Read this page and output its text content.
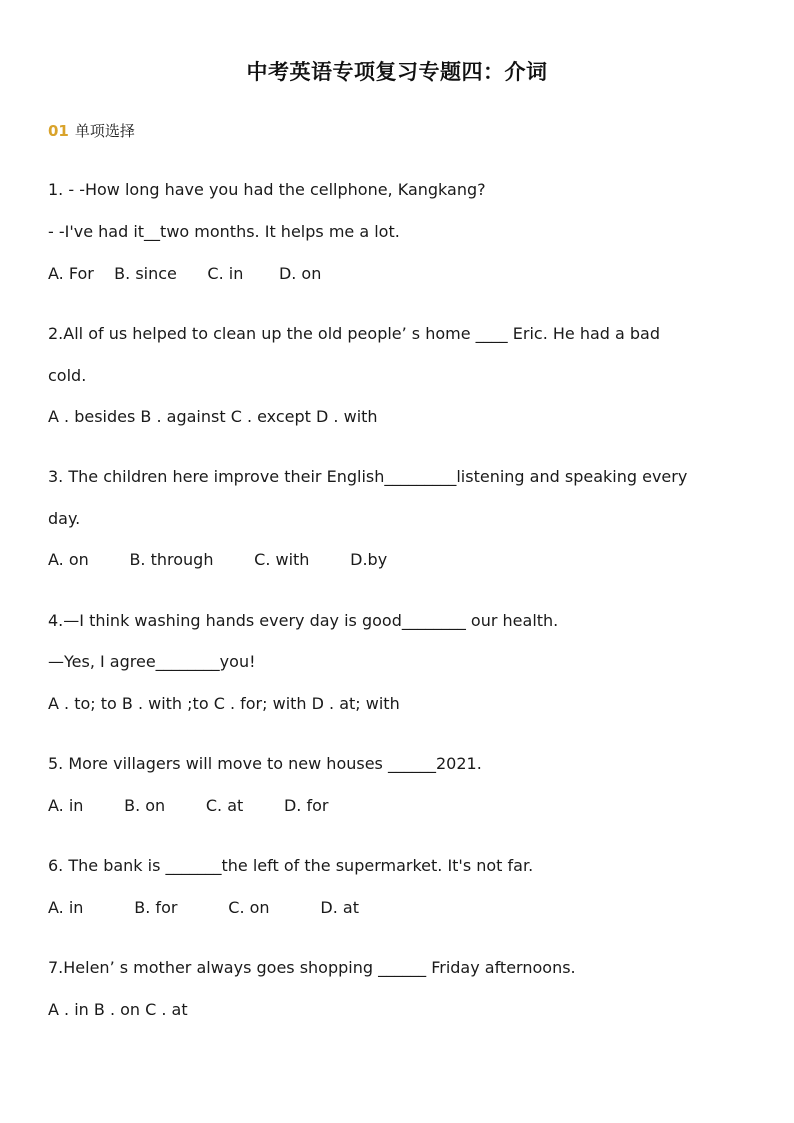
中考英语专项复习专题四：介词
01 单项选择
1. - -How long have you had the cellphone, Kangkang?
- -I've had it__two months. It helps me a lot.
A. For    B. since      C. in       D. on
2.All of us helped to clean up the old people’ s home ____ Eric. He had a bad
cold.
A . besides B . against C . except D . with
3. The children here improve their English_________listening and speaking every
day.
A. on        B. through        C. with        D.by
4.—I think washing hands every day is good________ our health.
—Yes, I agree________you!
A . to; to B . with ;to C . for; with D . at; with
5. More villagers will move to new houses ______2021.
A. in        B. on        C. at        D. for
6. The bank is _______the left of the supermarket. It's not far.
A. in          B. for          C. on          D. at
7.Helen’ s mother always goes shopping ______ Friday afternoons.
A . in B . on C . at
